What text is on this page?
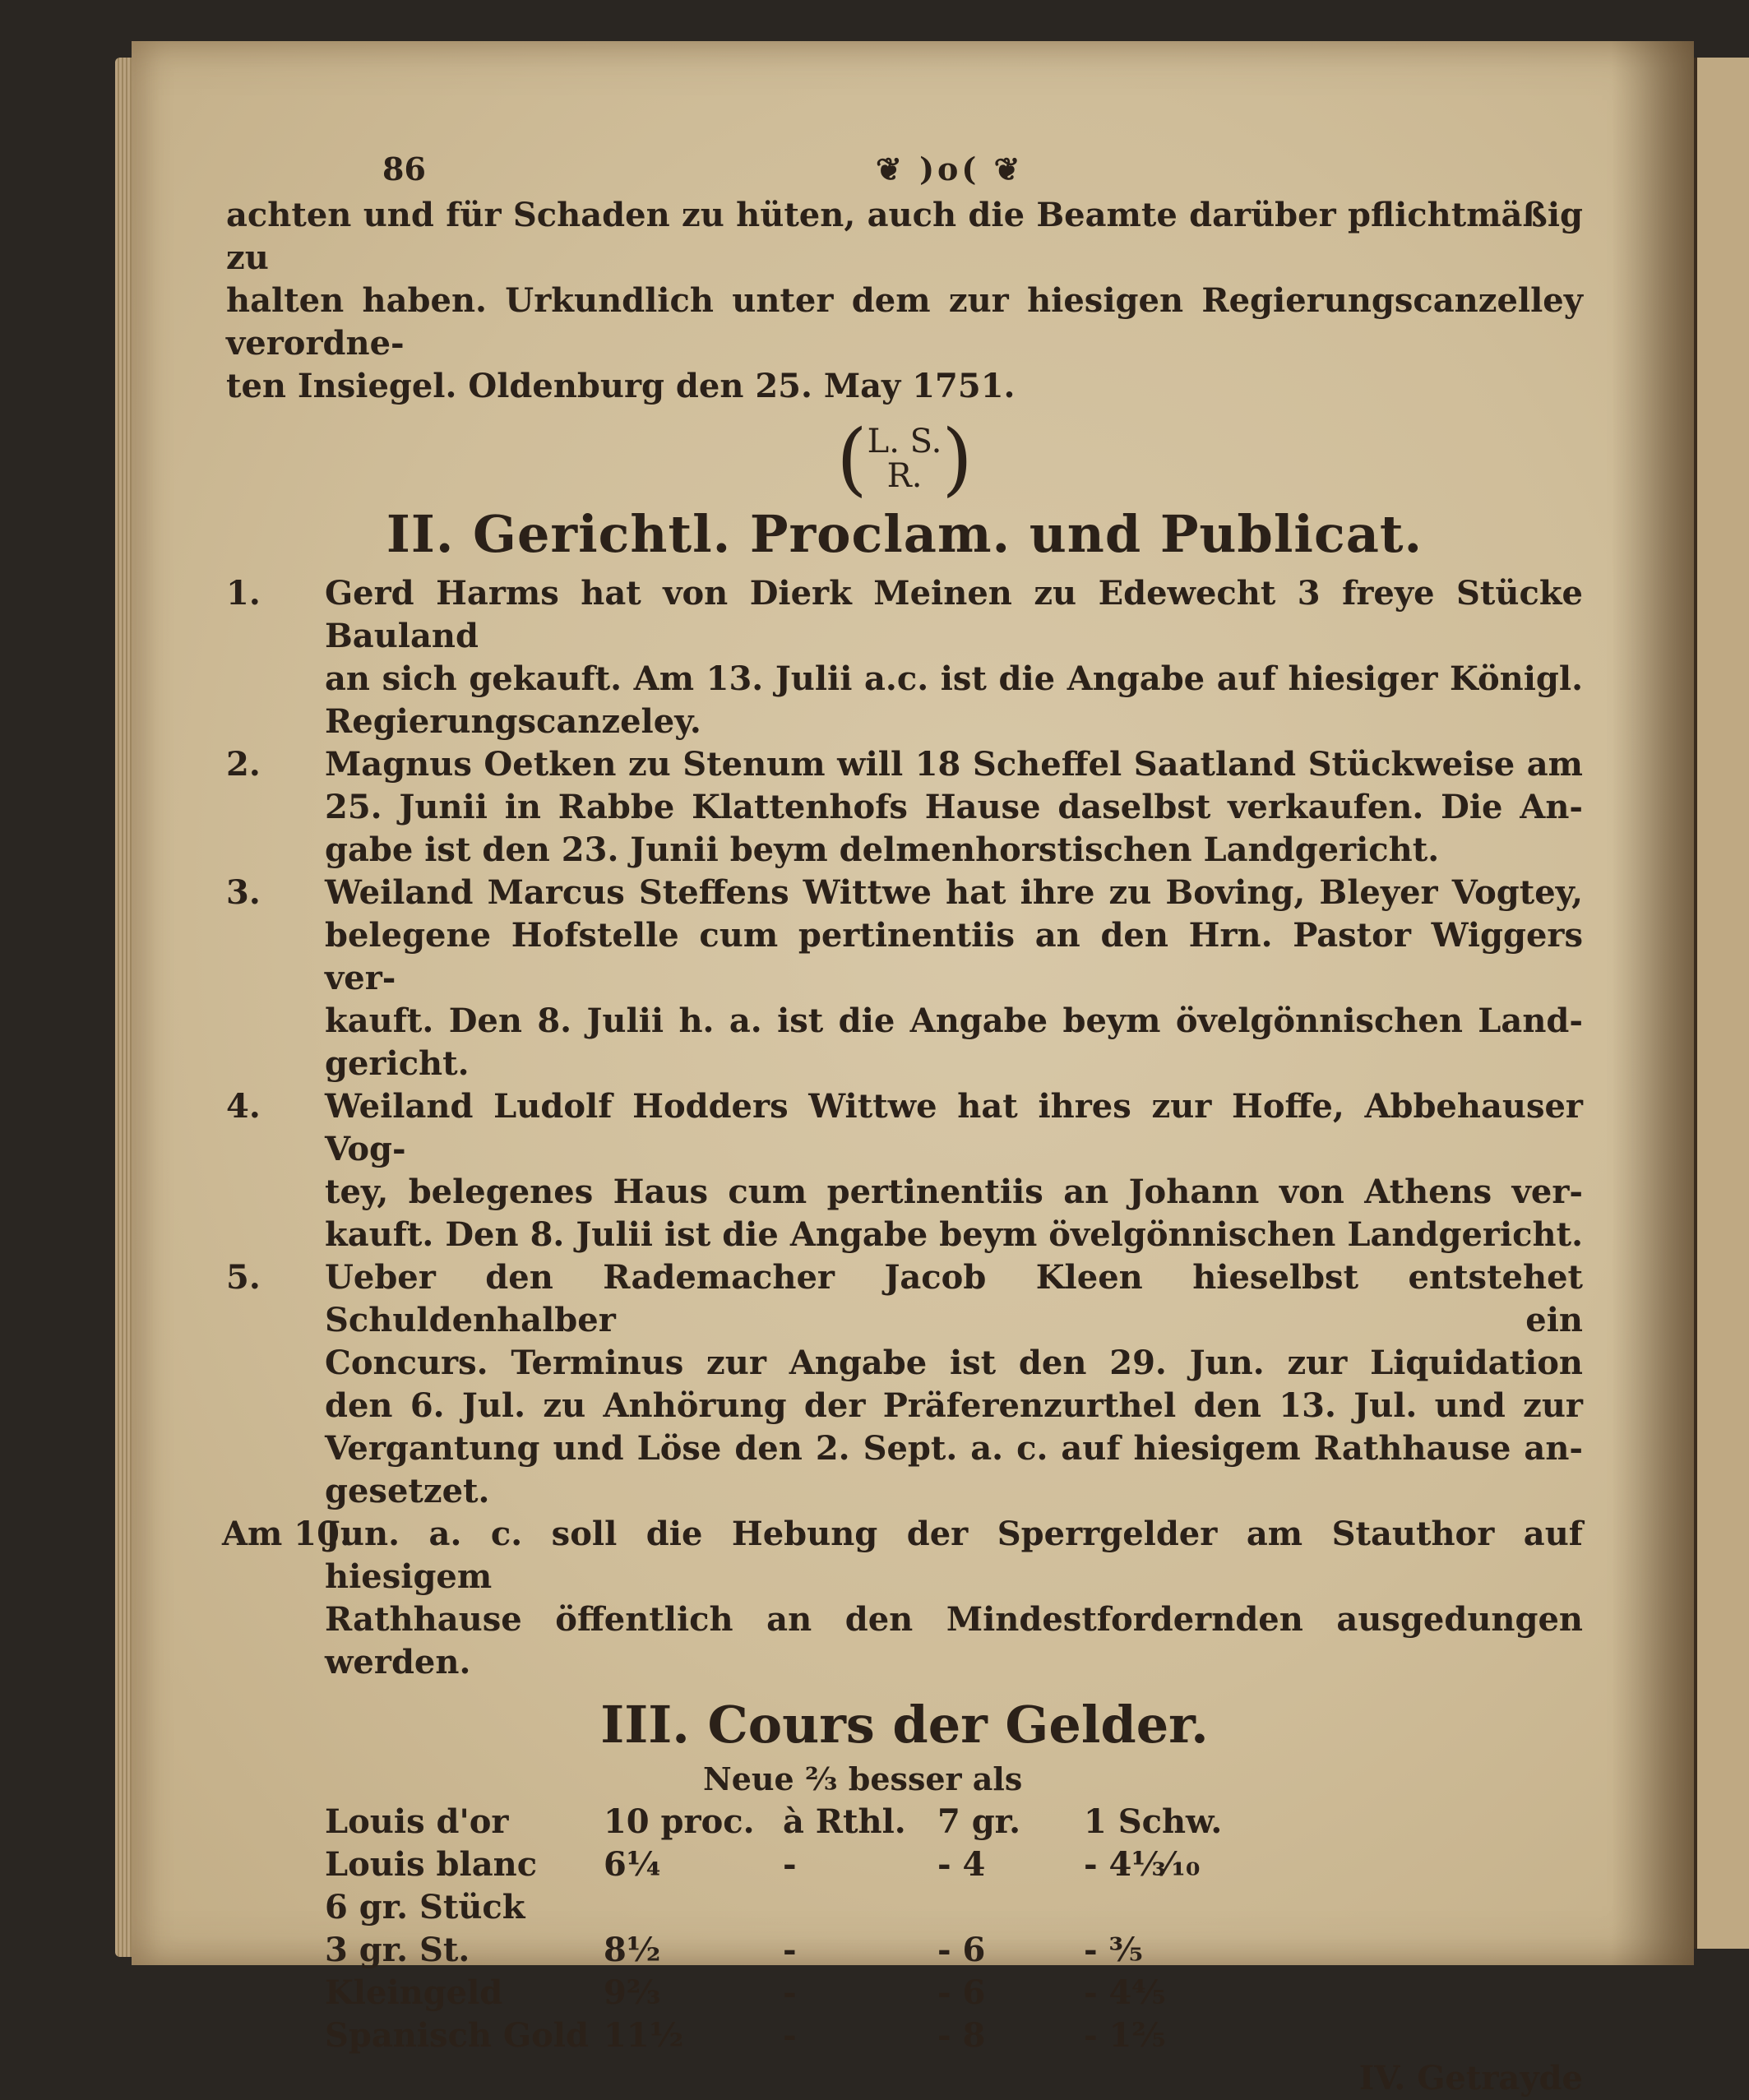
86	❦ )o( ❦
achten und für Schaden zu hüten, auch die Beamte darüber pflichtmäßig zu
halten haben. Urkundlich unter dem zur hiesigen Regierungscanzelley verordne-
ten Insiegel. Oldenburg den 25. May 1751.
(L. S.
R. )
II. Gerichtl. Proclam. und Publicat.
1. Gerd Harms hat von Dierk Meinen zu Edewecht 3 freye Stücke Bauland
an sich gekauft. Am 13. Julii a.c. ist die Angabe auf hiesiger Königl.
Regierungscanzeley.
2. Magnus Oetken zu Stenum will 18 Scheffel Saatland Stückweise am
25. Junii in Rabbe Klattenhofs Hause daselbst verkaufen. Die An-
gabe ist den 23. Junii beym delmenhorstischen Landgericht.
3. Weiland Marcus Steffens Wittwe hat ihre zu Boving, Bleyer Vogtey,
belegene Hofstelle cum pertinentiis an den Hrn. Pastor Wiggers ver-
kauft. Den 8. Julii h. a. ist die Angabe beym övelgönnischen Land-
gericht.
4. Weiland Ludolf Hodders Wittwe hat ihres zur Hoffe, Abbehauser Vog-
tey, belegenes Haus cum pertinentiis an Johann von Athens ver-
kauft. Den 8. Julii ist die Angabe beym övelgönnischen Landgericht.
5. Ueber den Rademacher Jacob Kleen hieselbst entstehet Schuldenhalber ein
Concurs. Terminus zur Angabe ist den 29. Jun. zur Liquidation
den 6. Jul. zu Anhörung der Präferenzurthel den 13. Jul. und zur
Vergantung und Löse den 2. Sept. a. c. auf hiesigem Rathhause an-
gesetzet.
Am 10.
Jun. a. c. soll die Hebung der Sperrgelder am Stauthor auf hiesigem
Rathhause öffentlich an den Mindestfordernden ausgedungen werden.
III. Cours der Gelder.
Neue ²⁄₃ besser als
Louis d'or	10 proc.	à Rthl.	7 gr.	1 Schw.
Louis blanc	6¼	-	- 4	- 4⅓⁄₁₀
6 gr. Stück				
3 gr. St.	8½	-	- 6	- ³⁄₅
Kleingeld	9⅔	-	- 6	- 4⅘
Spanisch Gold	11½	-	- 8	- 1⅖
IV. Getrayde
